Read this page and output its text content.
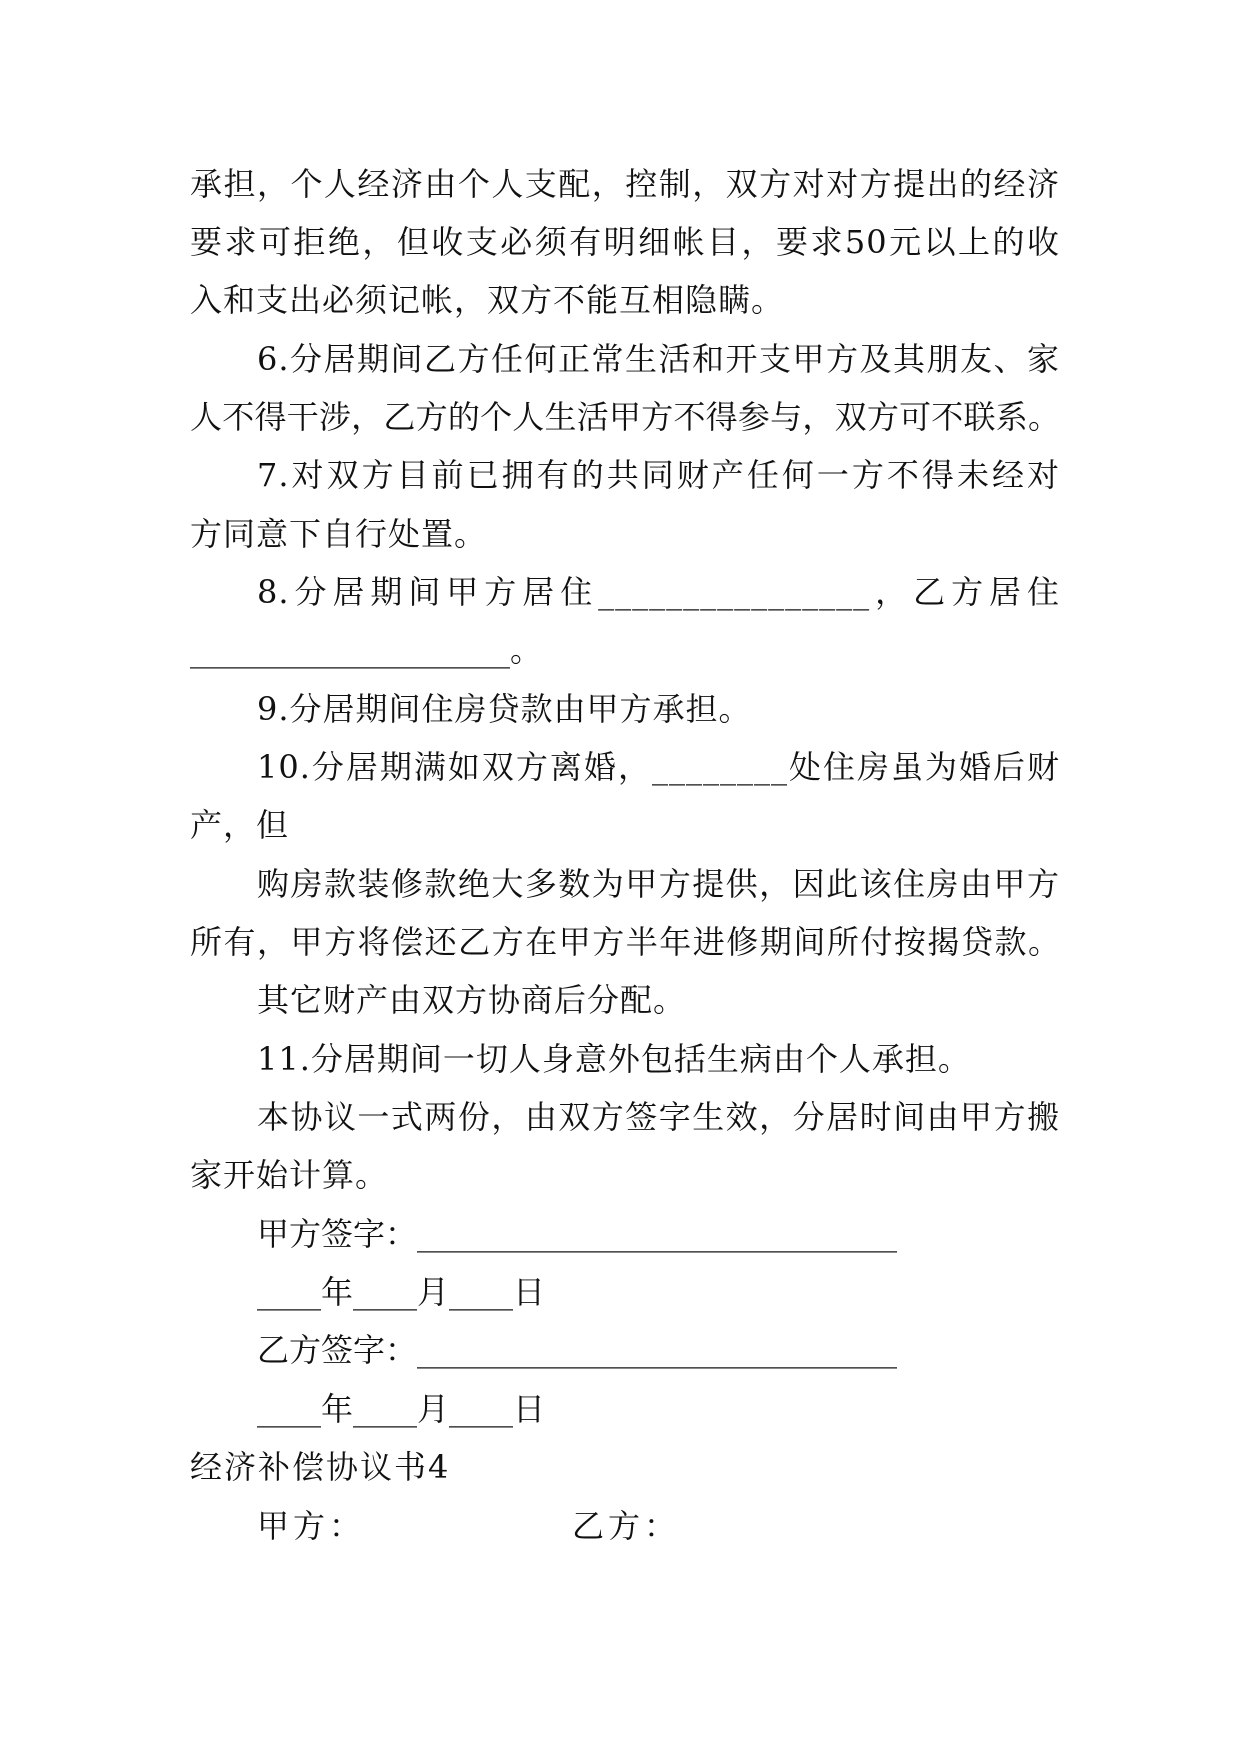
承担，个人经济由个人支配，控制，双方对对方提出的经济
要求可拒绝，但收支必须有明细帐目，要求50元以上的收
入和支出必须记帐，双方不能互相隐瞒。
6.分居期间乙方任何正常生活和开支甲方及其朋友、家
人不得干涉，乙方的个人生活甲方不得参与，双方可不联系。
7.对双方目前已拥有的共同财产任何一方不得未经对
方同意下自行处置。
8.分居期间甲方居住________________，乙方居住
____________________。
9.分居期间住房贷款由甲方承担。
10.分居期满如双方离婚，________处住房虽为婚后财
产，但
购房款装修款绝大多数为甲方提供，因此该住房由甲方
所有，甲方将偿还乙方在甲方半年进修期间所付按揭贷款。
其它财产由双方协商后分配。
11.分居期间一切人身意外包括生病由个人承担。
本协议一式两份，由双方签字生效，分居时间由甲方搬
家开始计算。
甲方签字：______________________________
____年____月____日
乙方签字：______________________________
____年____月____日
经济补偿协议书4
甲方：	乙方：
